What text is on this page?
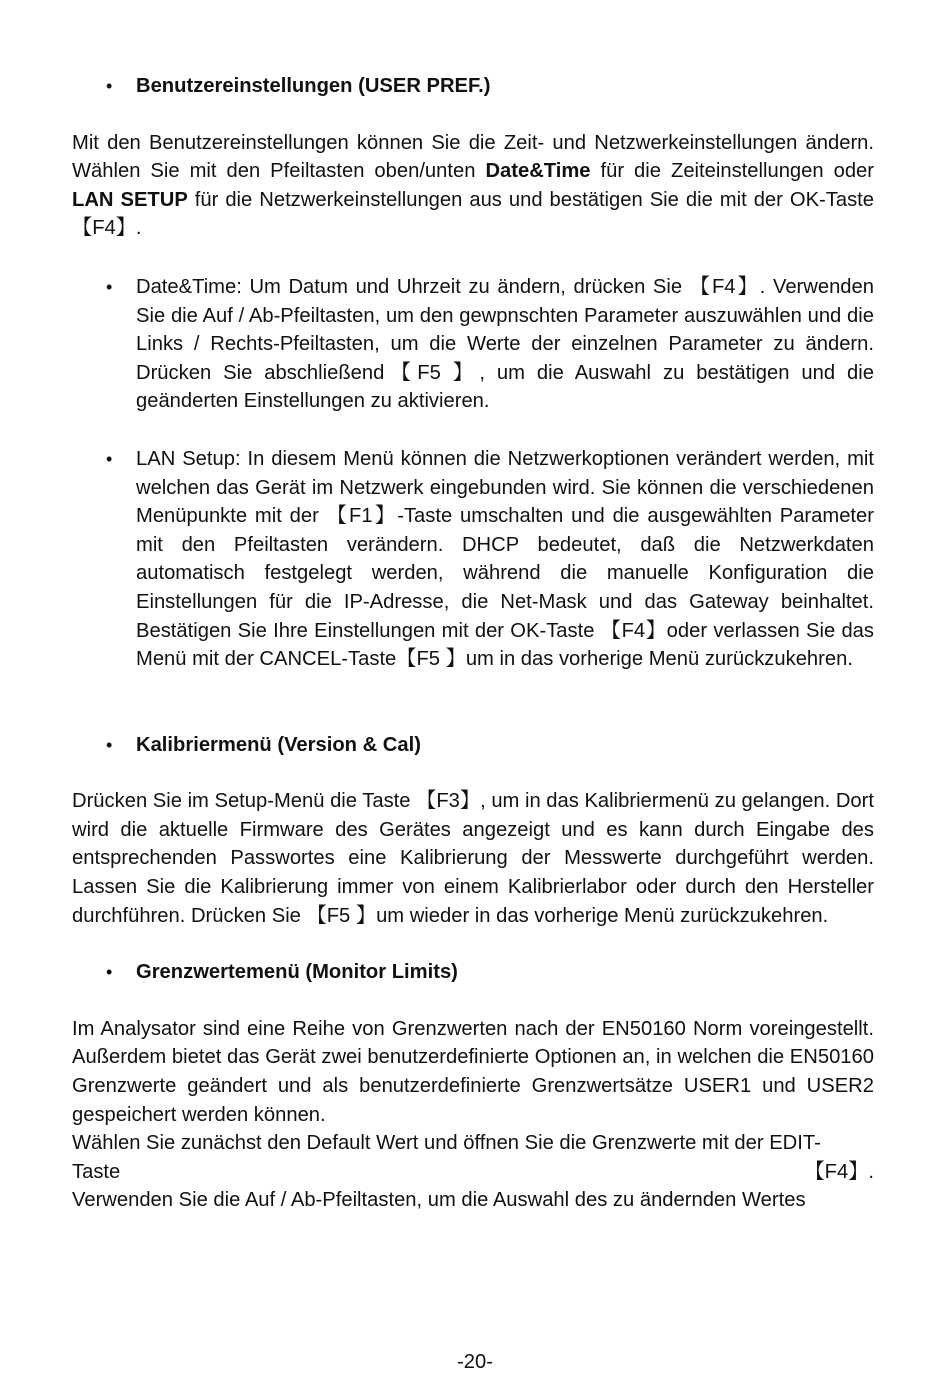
• Benutzereinstellungen (USER PREF.)

Mit den Benutzereinstellungen können Sie die Zeit- und Netzwerkeinstellungen ändern. Wählen Sie mit den Pfeiltasten oben/unten Date&Time für die Zeiteinstellungen oder LAN SETUP für die Netzwerkeinstellungen aus und bestätigen Sie die mit der OK-Taste【F4】.

• Date&Time: Um Datum und Uhrzeit zu ändern, drücken Sie 【F4】. Verwenden Sie die Auf / Ab-Pfeiltasten, um den gewpnschten Parameter auszuwählen und die Links / Rechts-Pfeiltasten, um die Werte der einzelnen Parameter zu ändern. Drücken Sie abschließend【F5 】, um die Auswahl zu bestätigen und die geänderten Einstellungen zu aktivieren.

• LAN Setup: In diesem Menü können die Netzwerkoptionen verändert werden, mit welchen das Gerät im Netzwerk eingebunden wird. Sie können die verschiedenen Menüpunkte mit der 【F1】-Taste umschalten und die ausgewählten Parameter mit den Pfeiltasten verändern. DHCP bedeutet, daß die Netzwerkdaten automatisch festgelegt werden, während die manuelle Konfiguration die Einstellungen für die IP-Adresse, die Net-Mask und das Gateway beinhaltet. Bestätigen Sie Ihre Einstellungen mit der OK-Taste 【F4】oder verlassen Sie das Menü mit der CANCEL-Taste【F5 】um in das vorherige Menü zurückzukehren.

• Kalibriermenü (Version & Cal)

Drücken Sie im Setup-Menü die Taste 【F3】, um in das Kalibriermenü zu gelangen. Dort wird die aktuelle Firmware des Gerätes angezeigt und es kann durch Eingabe des entsprechenden Passwortes eine Kalibrierung der Messwerte durchgeführt werden. Lassen Sie die Kalibrierung immer von einem Kalibrierlabor oder durch den Hersteller durchführen. Drücken Sie 【F5 】um wieder in das vorherige Menü zurückzukehren.

• Grenzwertemenü (Monitor Limits)

Im Analysator sind eine Reihe von Grenzwerten nach der EN50160 Norm voreingestellt. Außerdem bietet das Gerät zwei benutzerdefinierte Optionen an, in welchen die EN50160 Grenzwerte geändert und als benutzerdefinierte Grenzwertsätze USER1 und USER2 gespeichert werden können.

Wählen Sie zunächst den Default Wert und öffnen Sie die Grenzwerte mit der EDIT-

Taste	【F4】.

Verwenden Sie die Auf / Ab-Pfeiltasten, um die Auswahl des zu ändernden Wertes

-20-
